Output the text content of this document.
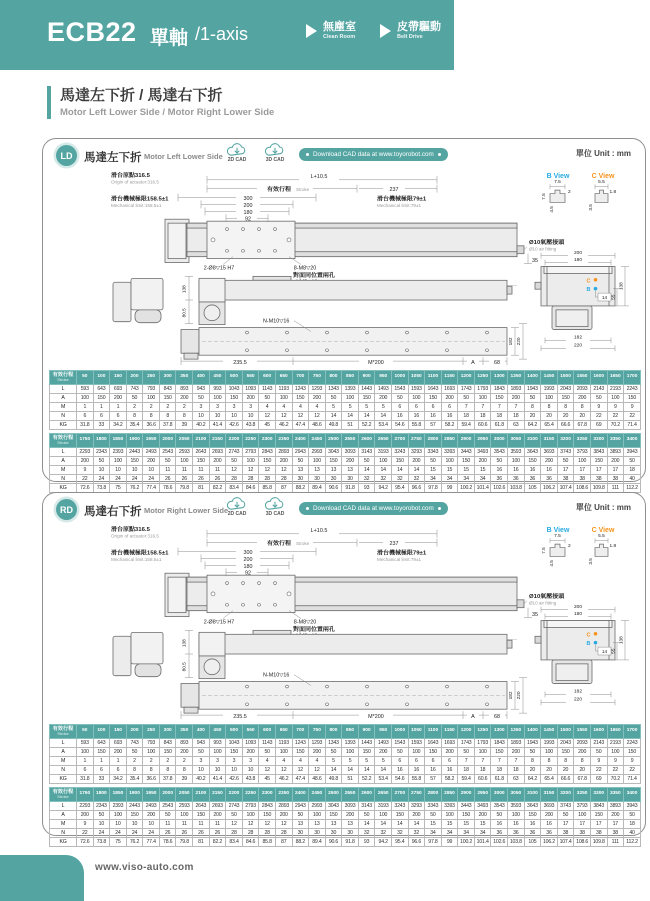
ECB22 單軸 /1-axis	無塵室
Clean Room
皮帶驅動
Belt Drive
馬達左下折 / 馬達右下折
Motor Left Lower Side / Motor Right Lower Side
LD	馬達左下折 Motor Left Lower Side 2D CAD	3D CAD
Download CAD data at www.toyorobot.com	單位 Unit : mm
滑台原點316.5
Origin of actuator:316.5
L+10.5
有效行程 Stroke	237
300
200
180
92
滑台機械極限158.5±1
Mechanical limit:158.5±1
滑台機械極限79±1
Mechanical limit:79±1
Ø10氣壓接頭
Ø10 air fitting
35
2-Ø8▽15 H7	8-M8▽20
對面同位置兩孔
138
80.5
N-M10▽16
235.5	M*200	A	68
182 220
B View	C View
7.5
2
7.5
4.5
5.5
1.8
3.5
C
B
200
180
14 55
138
182
220
有效行程
Stroke	50	100	150	200	250	300	350	400	450	500	550	600	650	700	750	800	850	900	950	1000	1050	1100	1150	1200	1250	1300	1350	1400	1450	1500	1550	1600	1650	1700
L	593	643	693	743	793	843	893	943	993	1043	1093	1143	1193	1243	1293	1343	1393	1443	1493	1543	1593	1643	1693	1743	1793	1843	1893	1943	1993	2043	2093	2143	2193	2243
A	100	150	200	50	100	150	200	50	100	150	200	50	100	150	200	50	100	150	200	50	100	150	200	50	100	150	200	50	100	150	200	50	100	150
M	1	1	1	2	2	2	2	3	3	3	3	4	4	4	4	5	5	5	5	6	6	6	6	7	7	7	7	8	8	8	8	9	9	9
N	6	6	6	8	8	8	8	10	10	10	10	12	12	12	12	14	14	14	14	16	16	16	16	18	18	18	18	20	20	20	20	22	22	22
KG	31.8	33	34.2	35.4	36.6	37.8	39	40.2	41.4	42.6	43.8	45	46.2	47.4	48.6	49.8	51	52.2	53.4	54.6	55.8	57	58.2	59.4	60.6	61.8	63	64.2	65.4	66.6	67.8	69	70.2	71.4
有效行程
Stroke	1750	1800	1850	1900	1950	2000	2050	2100	2150	2200	2250	2300	2350	2400	2450	2500	2550	2600	2650	2700	2750	2800	2850	2900	2950	3000	3050	3100	3150	3200	3250	3300	3350	3400
L	2293	2343	2393	2443	2493	2543	2593	2643	2693	2743	2793	2843	2893	2943	2993	3043	3093	3143	3193	3243	3293	3343	3393	3443	3493	3543	3593	3643	3693	3743	3793	3843	3893	3943
A	200	50	100	150	200	50	100	150	200	50	100	150	200	50	100	150	200	50	100	150	200	50	100	150	200	50	100	150	200	50	100	150	200	50
M	9	10	10	10	10	11	11	11	11	12	12	12	12	13	13	13	13	14	14	14	14	15	15	15	15	16	16	16	16	17	17	17	17	18
N	22	24	24	24	24	26	26	26	26	28	28	28	28	30	30	30	30	32	32	32	32	34	34	34	34	36	36	36	36	38	38	38	38	40
KG	72.6	73.8	75	76.2	77.4	78.6	79.8	81	82.2	83.4	84.6	85.8	87	88.2	89.4	90.6	91.8	93	94.2	95.4	96.6	97.8	99	100.2	101.4	102.6	103.8	105	106.2	107.4	108.6	109.8	111	112.2
RD 馬達右下折 Motor Right Lower Side 2D CAD	3D CAD
Download CAD data at www.toyorobot.com	單位 Unit : mm
滑台原點316.5
Origin of actuator:316.5
L+10.5
有效行程 Stroke	237
300
200
180
92
滑台機械極限158.5±1
Mechanical limit:158.5±1
滑台機械極限79±1
Mechanical limit:79±1
Ø10氣壓接頭
Ø10 air fitting
35
2-Ø8▽15 H7	8-M8▽20
對面同位置兩孔
138
80.5
N-M10▽16
235.5	M*200	A	68
182 220
B View	C View
7.5
2
7.5
4.5
5.5
1.8
3.5
C
B
200
180
14 55
138
182
220
有效行程
Stroke	50	100	150	200	250	300	350	400	450	500	550	600	650	700	750	800	850	900	950	1000	1050	1100	1150	1200	1250	1300	1350	1400	1450	1500	1550	1600	1650	1700
L	593	643	693	743	793	843	893	943	993	1043	1093	1143	1193	1243	1293	1343	1393	1443	1493	1543	1593	1643	1693	1743	1793	1843	1893	1943	1993	2043	2093	2143	2193	2243
A	100	150	200	50	100	150	200	50	100	150	200	50	100	150	200	50	100	150	200	50	100	150	200	50	100	150	200	50	100	150	200	50	100	150
M	1	1	1	2	2	2	2	3	3	3	3	4	4	4	4	5	5	5	5	6	6	6	6	7	7	7	7	8	8	8	8	9	9	9
N	6	6	6	8	8	8	8	10	10	10	10	12	12	12	12	14	14	14	14	16	16	16	16	18	18	18	18	20	20	20	20	22	22	22
KG	31.8	33	34.2	35.4	36.6	37.8	39	40.2	41.4	42.6	43.8	45	46.2	47.4	48.6	49.8	51	52.2	53.4	54.6	55.8	57	58.2	59.4	60.6	61.8	63	64.2	65.4	66.6	67.8	69	70.2	71.4
有效行程
Stroke	1750	1800	1850	1900	1950	2000	2050	2100	2150	2200	2250	2300	2350	2400	2450	2500	2550	2600	2650	2700	2750	2800	2850	2900	2950	3000	3050	3100	3150	3200	3250	3300	3350	3400
L	2293	2343	2393	2443	2493	2543	2593	2643	2693	2743	2793	2843	2893	2943	2993	3043	3093	3143	3193	3243	3293	3343	3393	3443	3493	3543	3593	3643	3693	3743	3793	3843	3893	3943
A	200	50	100	150	200	50	100	150	200	50	100	150	200	50	100	150	200	50	100	150	200	50	100	150	200	50	100	150	200	50	100	150	200	50
M	9	10	10	10	10	11	11	11	11	12	12	12	12	13	13	13	13	14	14	14	14	15	15	15	15	16	16	16	16	17	17	17	17	18
N	22	24	24	24	24	26	26	26	26	28	28	28	28	30	30	30	30	32	32	32	32	34	34	34	34	36	36	36	36	38	38	38	38	40
KG	72.6	73.8	75	76.2	77.4	78.6	79.8	81	82.2	83.4	84.6	85.8	87	88.2	89.4	90.6	91.8	93	94.2	95.4	96.6	97.8	99	100.2	101.4	102.6	103.8	105	106.2	107.4	108.6	109.8	111	112.2
www.viso-auto.com
